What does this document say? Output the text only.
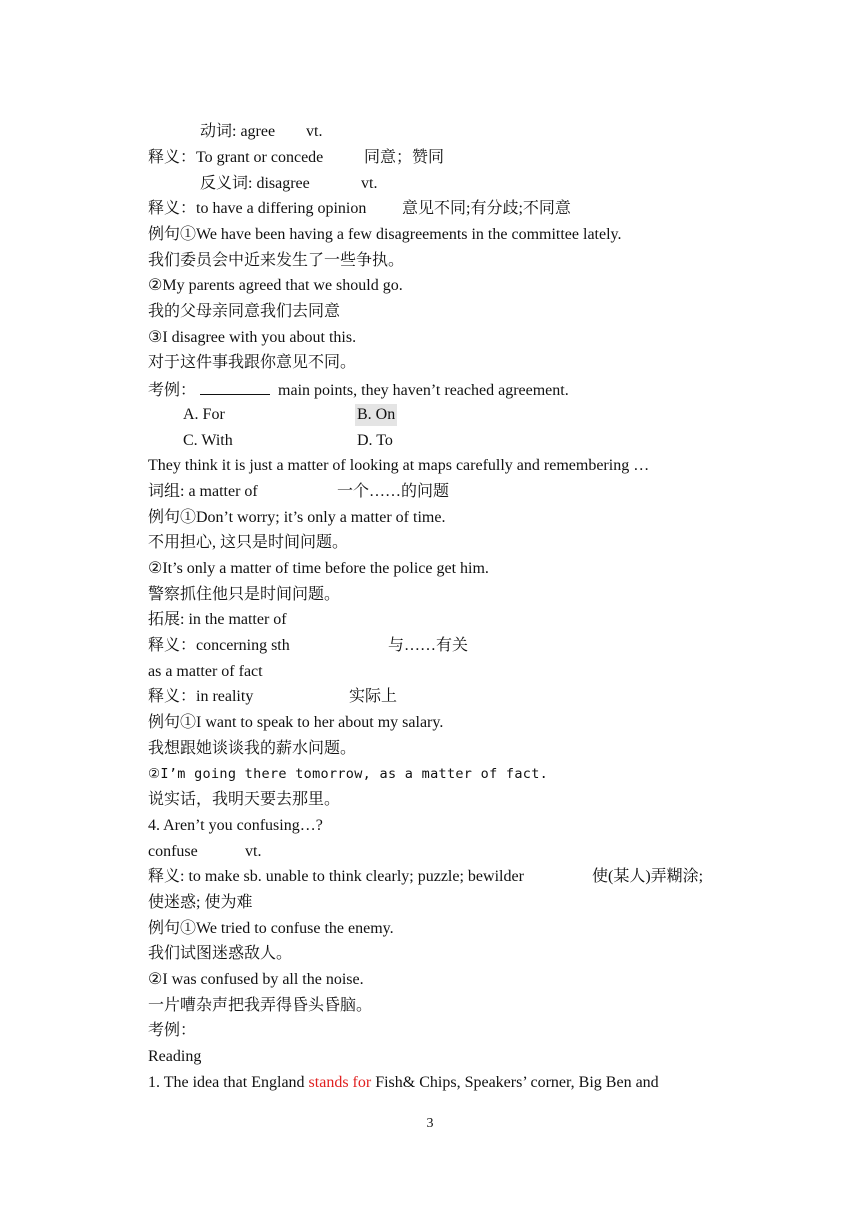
动词: agree vt.
释义：To grant or concede	同意；赞同
反义词: disagree	vt.
释义：to have a differing opinion 意见不同;有分歧;不同意
例句①We have been having a few disagreements in the committee lately.
我们委员会中近来发生了一些争执。
②My parents agreed that we should go.
我的父母亲同意我们去同意
③I disagree with you about this.
对于这件事我跟你意见不同。
考例：	main points, they haven’t reached agreement.
A. For	B. On
C. With	D. To
They think it is just a matter of looking at maps carefully and remembering …
词组: a matter of	一个……的问题
例句①Don’t worry; it’s only a matter of time.
不用担心, 这只是时间问题。
②It’s only a matter of time before the police get him.
警察抓住他只是时间问题。
拓展: in the matter of
释义：concerning sth	与……有关
as a matter of fact
释义：in reality	实际上
例句①I want to speak to her about my salary.
我想跟她谈谈我的薪水问题。
②I’m going there tomorrow, as a matter of fact.
说实话，我明天要去那里。
4. Aren’t you confusing…?
confuse	vt.
释义: to make sb. unable to think clearly; puzzle; bewilder	使(某人)弄糊涂;
使迷惑; 使为难
例句①We tried to confuse the enemy.
我们试图迷惑敌人。
②I was confused by all the noise.
一片嘈杂声把我弄得昏头昏脑。
考例：
Reading
1. The idea that England stands for Fish& Chips, Speakers’ corner, Big Ben and
3
